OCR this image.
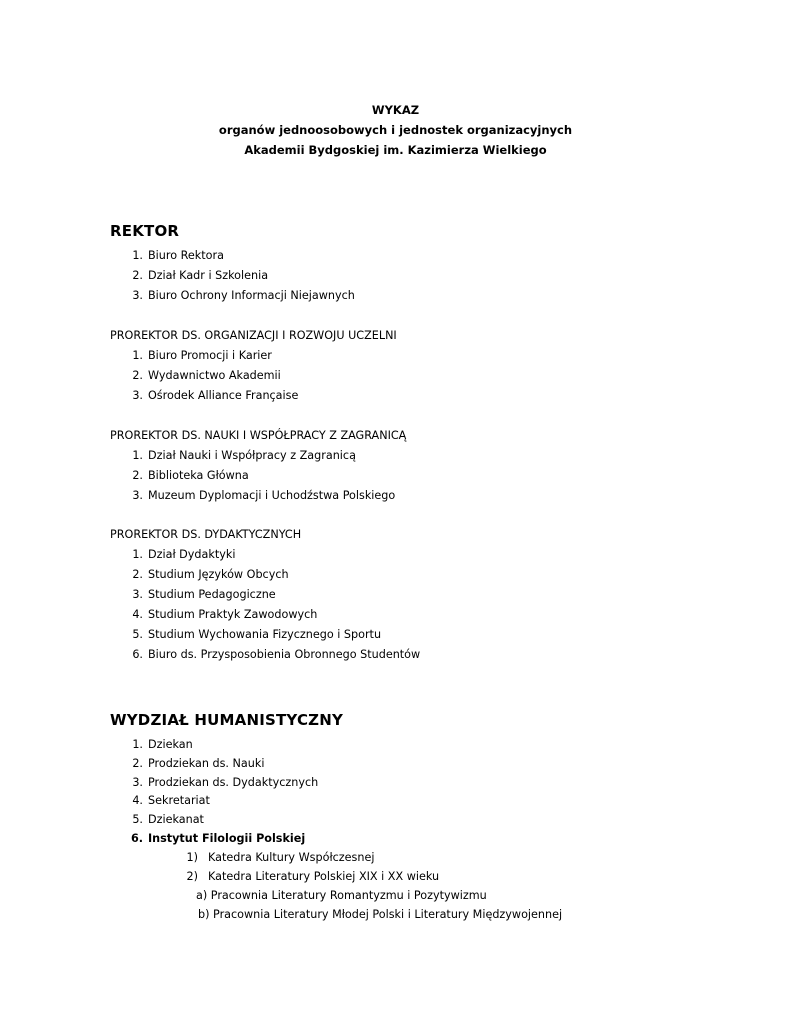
WYKAZ
organów jednoosobowych i jednostek organizacyjnych
Akademii Bydgoskiej im. Kazimierza Wielkiego
REKTOR
1. Biuro Rektora
2. Dział Kadr i Szkolenia
3. Biuro Ochrony Informacji Niejawnych
PROREKTOR DS. ORGANIZACJI I ROZWOJU UCZELNI
1. Biuro Promocji i Karier
2. Wydawnictwo Akademii
3. Ośrodek Alliance Française
PROREKTOR DS. NAUKI I WSPÓŁPRACY Z ZAGRANICĄ
1. Dział Nauki i Współpracy z Zagranicą
2. Biblioteka Główna
3. Muzeum Dyplomacji i Uchodźstwa Polskiego
PROREKTOR DS. DYDAKTYCZNYCH
1. Dział Dydaktyki
2. Studium Języków Obcych
3. Studium Pedagogiczne
4. Studium Praktyk Zawodowych
5. Studium Wychowania Fizycznego i Sportu
6. Biuro ds. Przysposobienia Obronnego Studentów
WYDZIAŁ HUMANISTYCZNY
1. Dziekan
2. Prodziekan ds. Nauki
3. Prodziekan ds. Dydaktycznych
4. Sekretariat
5. Dziekanat
6. Instytut Filologii Polskiej
1) Katedra Kultury Współczesnej
2) Katedra Literatury Polskiej XIX i XX wieku
a) Pracownia Literatury Romantyzmu i Pozytywizmu
b) Pracownia Literatury Młodej Polski i Literatury Międzywojennej
